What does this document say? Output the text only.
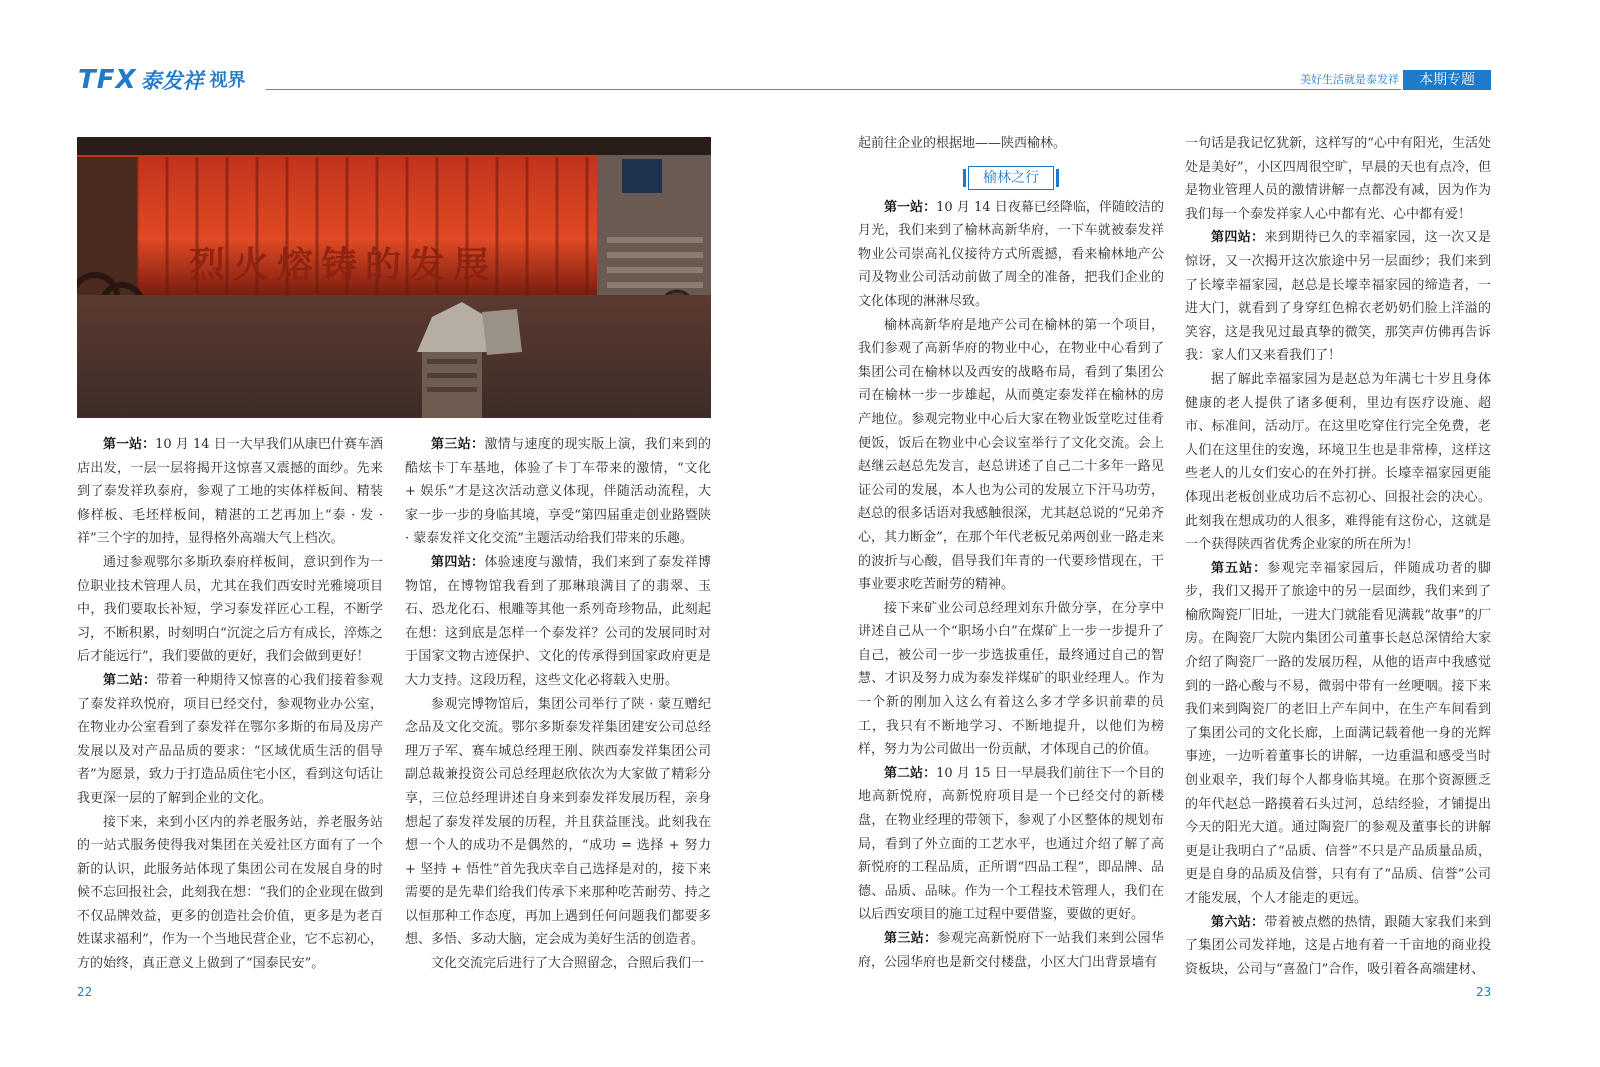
TFX 泰发祥 视界	美好生活就是泰发祥	本期专题
烈火熔铸的发展

第一站：10 月 14 日一大早我们从康巴什赛车酒店出发，一层一层将揭开这惊喜又震撼的面纱。先来到了泰发祥玖泰府，参观了工地的实体样板间、精装修样板、毛坯样板间，精湛的工艺再加上“泰 · 发 · 祥”三个字的加持，显得格外高端大气上档次。

通过参观鄂尔多斯玖泰府样板间，意识到作为一位职业技术管理人员，尤其在我们西安时光雅境项目中，我们要取长补短，学习泰发祥匠心工程，不断学习，不断积累，时刻明白“沉淀之后方有成长，淬炼之后才能远行”，我们要做的更好，我们会做到更好！

第二站：带着一种期待又惊喜的心我们接着参观了泰发祥玖悦府，项目已经交付，参观物业办公室，在物业办公室看到了泰发祥在鄂尔多斯的布局及房产发展以及对产品品质的要求：“区域优质生活的倡导者”为愿景，致力于打造品质住宅小区，看到这句话让我更深一层的了解到企业的文化。

接下来，来到小区内的养老服务站，养老服务站的一站式服务使得我对集团在关爱社区方面有了一个新的认识，此服务站体现了集团公司在发展自身的时候不忘回报社会，此刻我在想：“我们的企业现在做到不仅品牌效益，更多的创造社会价值，更多是为老百姓谋求福利”，作为一个当地民营企业，它不忘初心，方的始终，真正意义上做到了“国泰民安”。

第三站：激情与速度的现实版上演，我们来到的酷炫卡丁车基地，体验了卡丁车带来的激情，“文化 + 娱乐”才是这次活动意义体现，伴随活动流程，大家一步一步的身临其境，享受“第四届重走创业路暨陕 · 蒙泰发祥文化交流”主题活动给我们带来的乐趣。

第四站：体验速度与激情，我们来到了泰发祥博物馆，在博物馆我看到了那琳琅满目了的翡翠、玉石、恐龙化石、根雕等其他一系列奇珍物品，此刻起在想：这到底是怎样一个泰发祥？公司的发展同时对于国家文物古迹保护、文化的传承得到国家政府更是大力支持。这段历程，这些文化必将载入史册。

参观完博物馆后，集团公司举行了陕 · 蒙互赠纪念品及文化交流。鄂尔多斯泰发祥集团建安公司总经理万子军、赛车城总经理王刚、陕西泰发祥集团公司副总裁兼投资公司总经理赵欣依次为大家做了精彩分享，三位总经理讲述自身来到泰发祥发展历程，亲身想起了泰发祥发展的历程，并且获益匪浅。此刻我在想一个人的成功不是偶然的，“成功 = 选择 + 努力 + 坚持 + 悟性”首先我庆幸自己选择是对的，接下来需要的是先辈们给我们传承下来那种吃苦耐劳、持之以恒那种工作态度，再加上遇到任何问题我们都要多想、多悟、多动大脑，定会成为美好生活的创造者。

文化交流完后进行了大合照留念，合照后我们一

起前往企业的根据地——陕西榆林。

榆林之行

第一站：10 月 14 日夜幕已经降临，伴随皎洁的月光，我们来到了榆林高新华府，一下车就被泰发祥物业公司崇高礼仪接待方式所震撼，看来榆林地产公司及物业公司活动前做了周全的准备，把我们企业的文化体现的淋淋尽致。

榆林高新华府是地产公司在榆林的第一个项目，我们参观了高新华府的物业中心，在物业中心看到了集团公司在榆林以及西安的战略布局，看到了集团公司在榆林一步一步雄起，从而奠定泰发祥在榆林的房产地位。参观完物业中心后大家在物业饭堂吃过佳肴便饭，饭后在物业中心会议室举行了文化交流。会上赵继云赵总先发言，赵总讲述了自己二十多年一路见证公司的发展，本人也为公司的发展立下汗马功劳，赵总的很多话语对我感触很深，尤其赵总说的“兄弟齐心，其力断金”，在那个年代老板兄弟两创业一路走来的波折与心酸，倡导我们年青的一代要珍惜现在，干事业要求吃苦耐劳的精神。

接下来矿业公司总经理刘东升做分享，在分享中讲述自己从一个“职场小白”在煤矿上一步一步提升了自己，被公司一步一步选拔重任，最终通过自己的智慧、才识及努力成为泰发祥煤矿的职业经理人。作为一个新的刚加入这么有着这么多才学多识前辈的员工，我只有不断地学习、不断地提升，以他们为榜样，努力为公司做出一份贡献，才体现自己的价值。

第二站：10 月 15 日一早晨我们前往下一个目的地高新悦府，高新悦府项目是一个已经交付的新楼盘，在物业经理的带领下，参观了小区整体的规划布局，看到了外立面的工艺水平，也通过介绍了解了高新悦府的工程品质，正所谓“四品工程”，即品牌、品德、品质、品味。作为一个工程技术管理人，我们在以后西安项目的施工过程中要借鉴，要做的更好。

第三站：参观完高新悦府下一站我们来到公园华府，公园华府也是新交付楼盘，小区大门出背景墙有

一句话是我记忆犹新，这样写的“心中有阳光，生活处处是美好”，小区四周很空旷，早晨的天也有点冷，但是物业管理人员的激情讲解一点都没有减，因为作为我们每一个泰发祥家人心中都有光、心中都有爱！

第四站：来到期待已久的幸福家园，这一次又是惊讶，又一次揭开这次旅途中另一层面纱；我们来到了长壕幸福家园，赵总是长壕幸福家园的缔造者，一进大门，就看到了身穿红色棉衣老奶奶们脸上洋溢的笑容，这是我见过最真挚的微笑，那笑声仿佛再告诉我：家人们又来看我们了！

据了解此幸福家园为是赵总为年满七十岁且身体健康的老人提供了诸多便利，里边有医疗设施、超市、标准间，活动厅。在这里吃穿住行完全免费，老人们在这里住的安逸，环境卫生也是非常棒，这样这些老人的儿女们安心的在外打拼。长壕幸福家园更能体现出老板创业成功后不忘初心、回报社会的决心。此刻我在想成功的人很多，难得能有这份心，这就是一个获得陕西省优秀企业家的所在所为！

第五站：参观完幸福家园后，伴随成功者的脚步，我们又揭开了旅途中的另一层面纱，我们来到了榆欣陶瓷厂旧址，一进大门就能看见满载“故事”的厂房。在陶瓷厂大院内集团公司董事长赵总深情给大家介绍了陶瓷厂一路的发展历程，从他的语声中我感觉到的一路心酸与不易，微弱中带有一丝哽咽。接下来我们来到陶瓷厂的老旧上产车间中，在生产车间看到了集团公司的文化长廊，上面满记载着他一身的光辉事迹，一边听着董事长的讲解，一边重温和感受当时创业艰辛，我们每个人都身临其境。在那个资源匮乏的年代赵总一路摸着石头过河，总结经验，才铺提出今天的阳光大道。通过陶瓷厂的参观及董事长的讲解更是让我明白了“品质、信誉”不只是产品质量品质，更是自身的品质及信誉，只有有了“品质、信誉”公司才能发展，个人才能走的更远。

第六站：带着被点燃的热情，跟随大家我们来到了集团公司发祥地，这是占地有着一千亩地的商业投资板块，公司与“喜盈门”合作，吸引着各高端建材、

22	23
